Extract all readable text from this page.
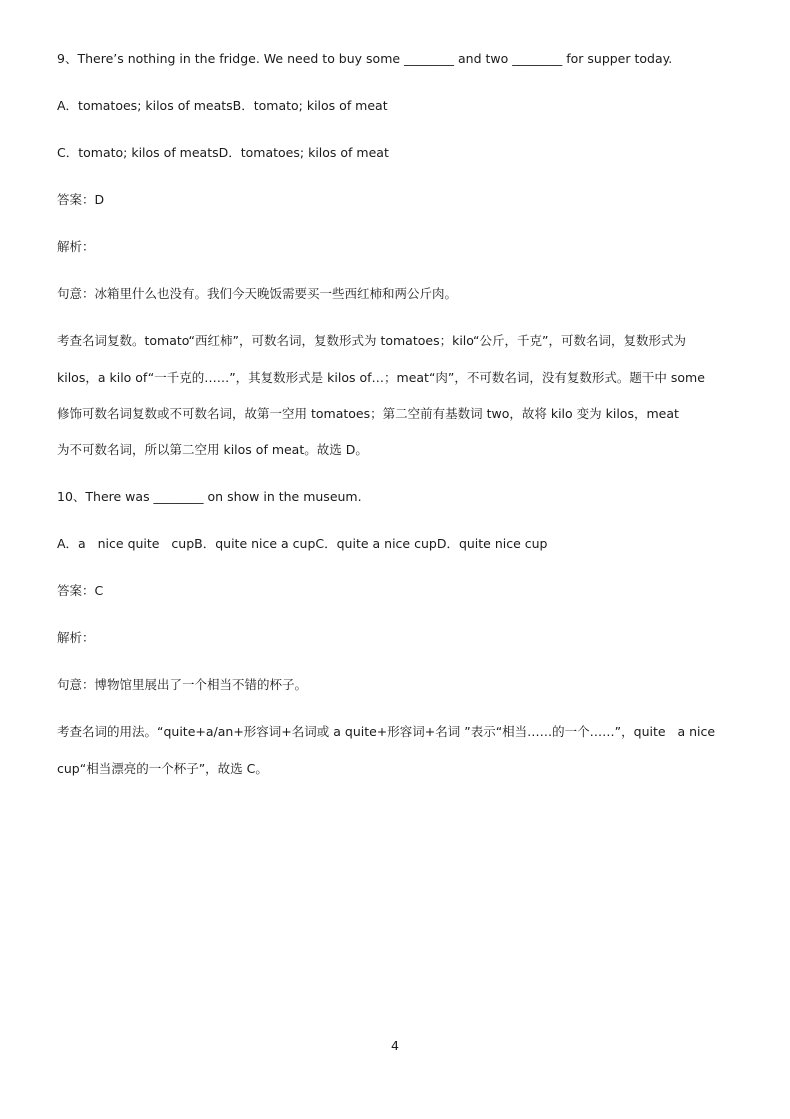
9、There’s nothing in the fridge. We need to buy some ________ and two ________ for supper today.
A．tomatoes; kilos of meatsB．tomato; kilos of meat
C．tomato; kilos of meatsD．tomatoes; kilos of meat
答案：D
解析：
句意：冰箱里什么也没有。我们今天晚饭需要买一些西红柿和两公斤肉。
考查名词复数。tomato“西红柿”，可数名词，复数形式为 tomatoes；kilo“公斤，千克”，可数名词，复数形式为
kilos，a kilo of“一千克的……”，其复数形式是 kilos of…；meat“肉”，不可数名词，没有复数形式。题干中 some
修饰可数名词复数或不可数名词，故第一空用 tomatoes；第二空前有基数词 two，故将 kilo 变为 kilos，meat
为不可数名词，所以第二空用 kilos of meat。故选 D。
10、There was ________ on show in the museum.
A．a   nice quite   cupB．quite nice a cupC．quite a nice cupD．quite nice cup
答案：C
解析：
句意：博物馆里展出了一个相当不错的杯子。
考查名词的用法。“quite+a/an+形容词+名词或 a quite+形容词+名词 ”表示“相当……的一个……”，quite   a nice
cup“相当漂亮的一个杯子”，故选 C。
4
